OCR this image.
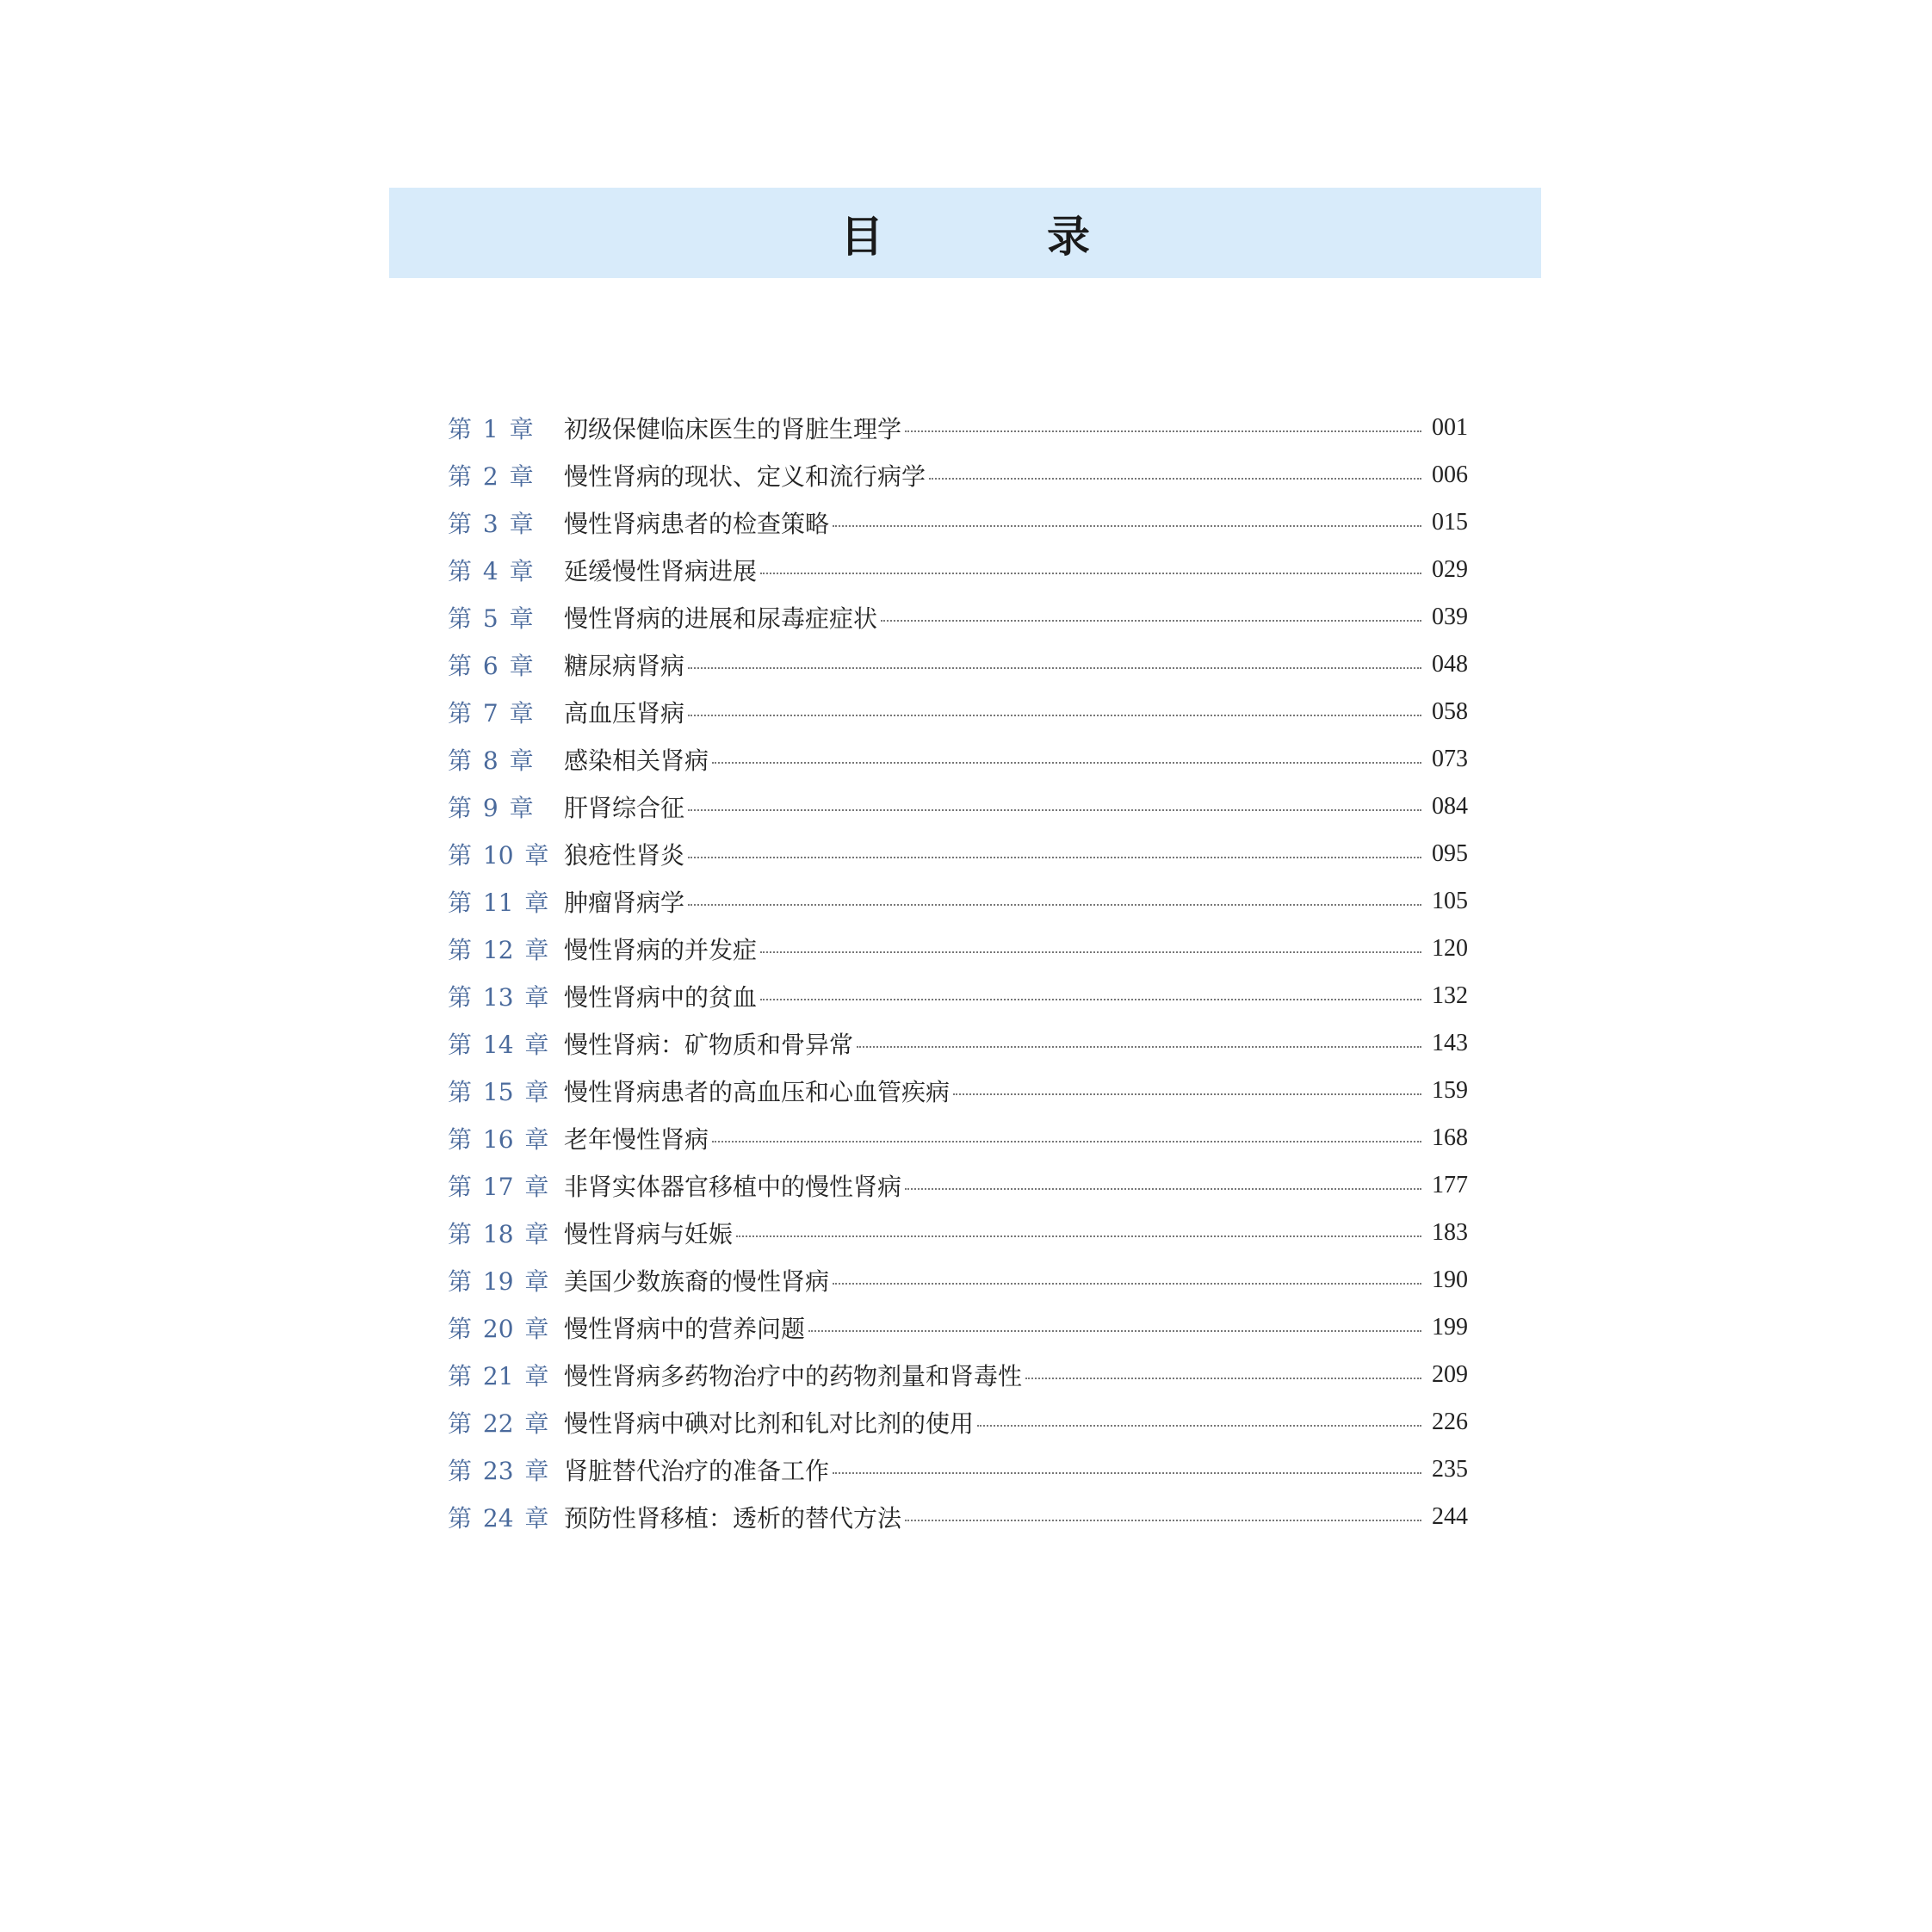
目　录
第 1 章	初级保健临床医生的肾脏生理学	001
第 2 章	慢性肾病的现状、定义和流行病学	006
第 3 章	慢性肾病患者的检查策略	015
第 4 章	延缓慢性肾病进展	029
第 5 章	慢性肾病的进展和尿毒症症状	039
第 6 章	糖尿病肾病	048
第 7 章	高血压肾病	058
第 8 章	感染相关肾病	073
第 9 章	肝肾综合征	084
第 10 章 狼疮性肾炎	095
第 11 章 肿瘤肾病学	105
第 12 章 慢性肾病的并发症	120
第 13 章 慢性肾病中的贫血	132
第 14 章 慢性肾病：矿物质和骨异常	143
第 15 章 慢性肾病患者的高血压和心血管疾病	159
第 16 章 老年慢性肾病	168
第 17 章 非肾实体器官移植中的慢性肾病	177
第 18 章 慢性肾病与妊娠	183
第 19 章 美国少数族裔的慢性肾病	190
第 20 章 慢性肾病中的营养问题	199
第 21 章 慢性肾病多药物治疗中的药物剂量和肾毒性	209
第 22 章 慢性肾病中碘对比剂和钆对比剂的使用	226
第 23 章 肾脏替代治疗的准备工作	235
第 24 章 预防性肾移植：透析的替代方法	244
